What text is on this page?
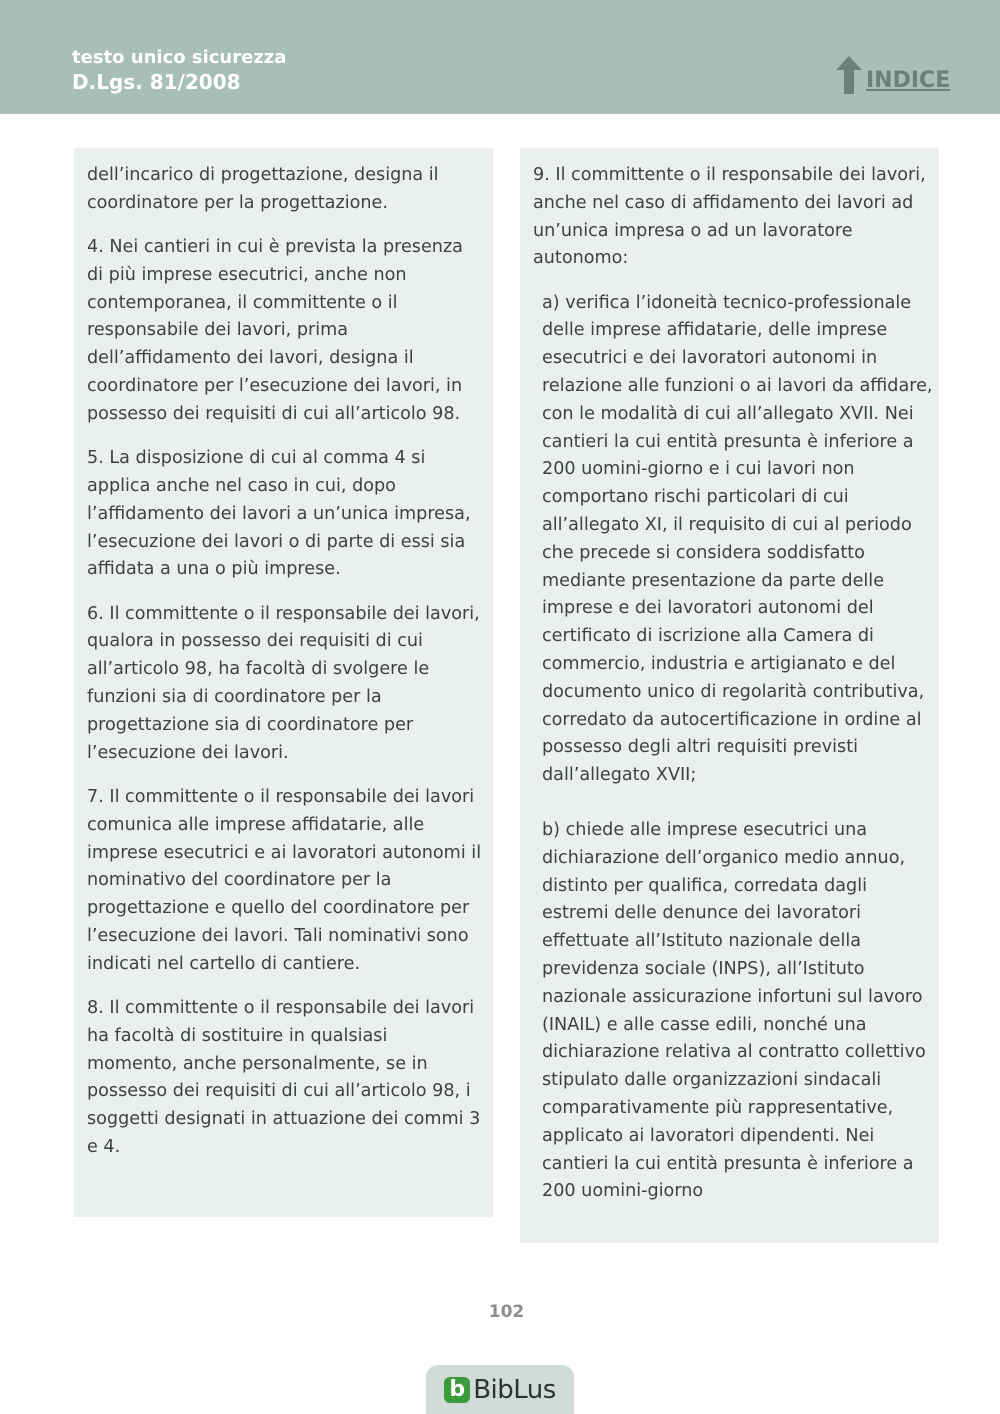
testo unico sicurezza
D.Lgs. 81/2008	INDICE

dell’incarico di progettazione, designa il coordinatore per la progettazione.

4. Nei cantieri in cui è prevista la presenza di più imprese esecutrici, anche non contemporanea, il committente o il responsabile dei lavori, prima dell’affidamento dei lavori, designa il coordinatore per l’esecuzione dei lavori, in possesso dei requisiti di cui all’articolo 98.

5. La disposizione di cui al comma 4 si applica anche nel caso in cui, dopo l’affidamento dei lavori a un’unica impresa, l’esecuzione dei lavori o di parte di essi sia affidata a una o più imprese.

6. Il committente o il responsabile dei lavori, qualora in possesso dei requisiti di cui all’articolo 98, ha facoltà di svolgere le funzioni sia di coordinatore per la progettazione sia di coordinatore per l’esecuzione dei lavori.

7. Il committente o il responsabile dei lavori comunica alle imprese affidatarie, alle imprese esecutrici e ai lavoratori autonomi il nominativo del coordinatore per la progettazione e quello del coordinatore per l’esecuzione dei lavori. Tali nominativi sono indicati nel cartello di cantiere.

8. Il committente o il responsabile dei lavori ha facoltà di sostituire in qualsiasi momento, anche personalmente, se in possesso dei requisiti di cui all’articolo 98, i soggetti designati in attuazione dei commi 3 e 4.

9. Il committente o il responsabile dei lavori, anche nel caso di affidamento dei lavori ad un’unica impresa o ad un lavoratore autonomo:

a) verifica l’idoneità tecnico-professionale delle imprese affidatarie, delle imprese esecutrici e dei lavoratori autonomi in relazione alle funzioni o ai lavori da affidare, con le modalità di cui all’allegato XVII. Nei cantieri la cui entità presunta è inferiore a 200 uomini-giorno e i cui lavori non comportano rischi particolari di cui all’allegato XI, il requisito di cui al periodo che precede si considera soddisfatto mediante presentazione da parte delle imprese e dei lavoratori autonomi del certificato di iscrizione alla Camera di commercio, industria e artigianato e del documento unico di regolarità contributiva, corredato da autocertificazione in ordine al possesso degli altri requisiti previsti dall’allegato XVII;

b) chiede alle imprese esecutrici una dichiarazione dell’organico medio annuo, distinto per qualifica, corredata dagli estremi delle denunce dei lavoratori effettuate all’Istituto nazionale della previdenza sociale (INPS), all’Istituto nazionale assicurazione infortuni sul lavoro (INAIL) e alle casse edili, nonché una dichiarazione relativa al contratto collettivo stipulato dalle organizzazioni sindacali comparativamente più rappresentative, applicato ai lavoratori dipendenti. Nei cantieri la cui entità presunta è inferiore a 200 uomini-giorno

102
b BibLus
